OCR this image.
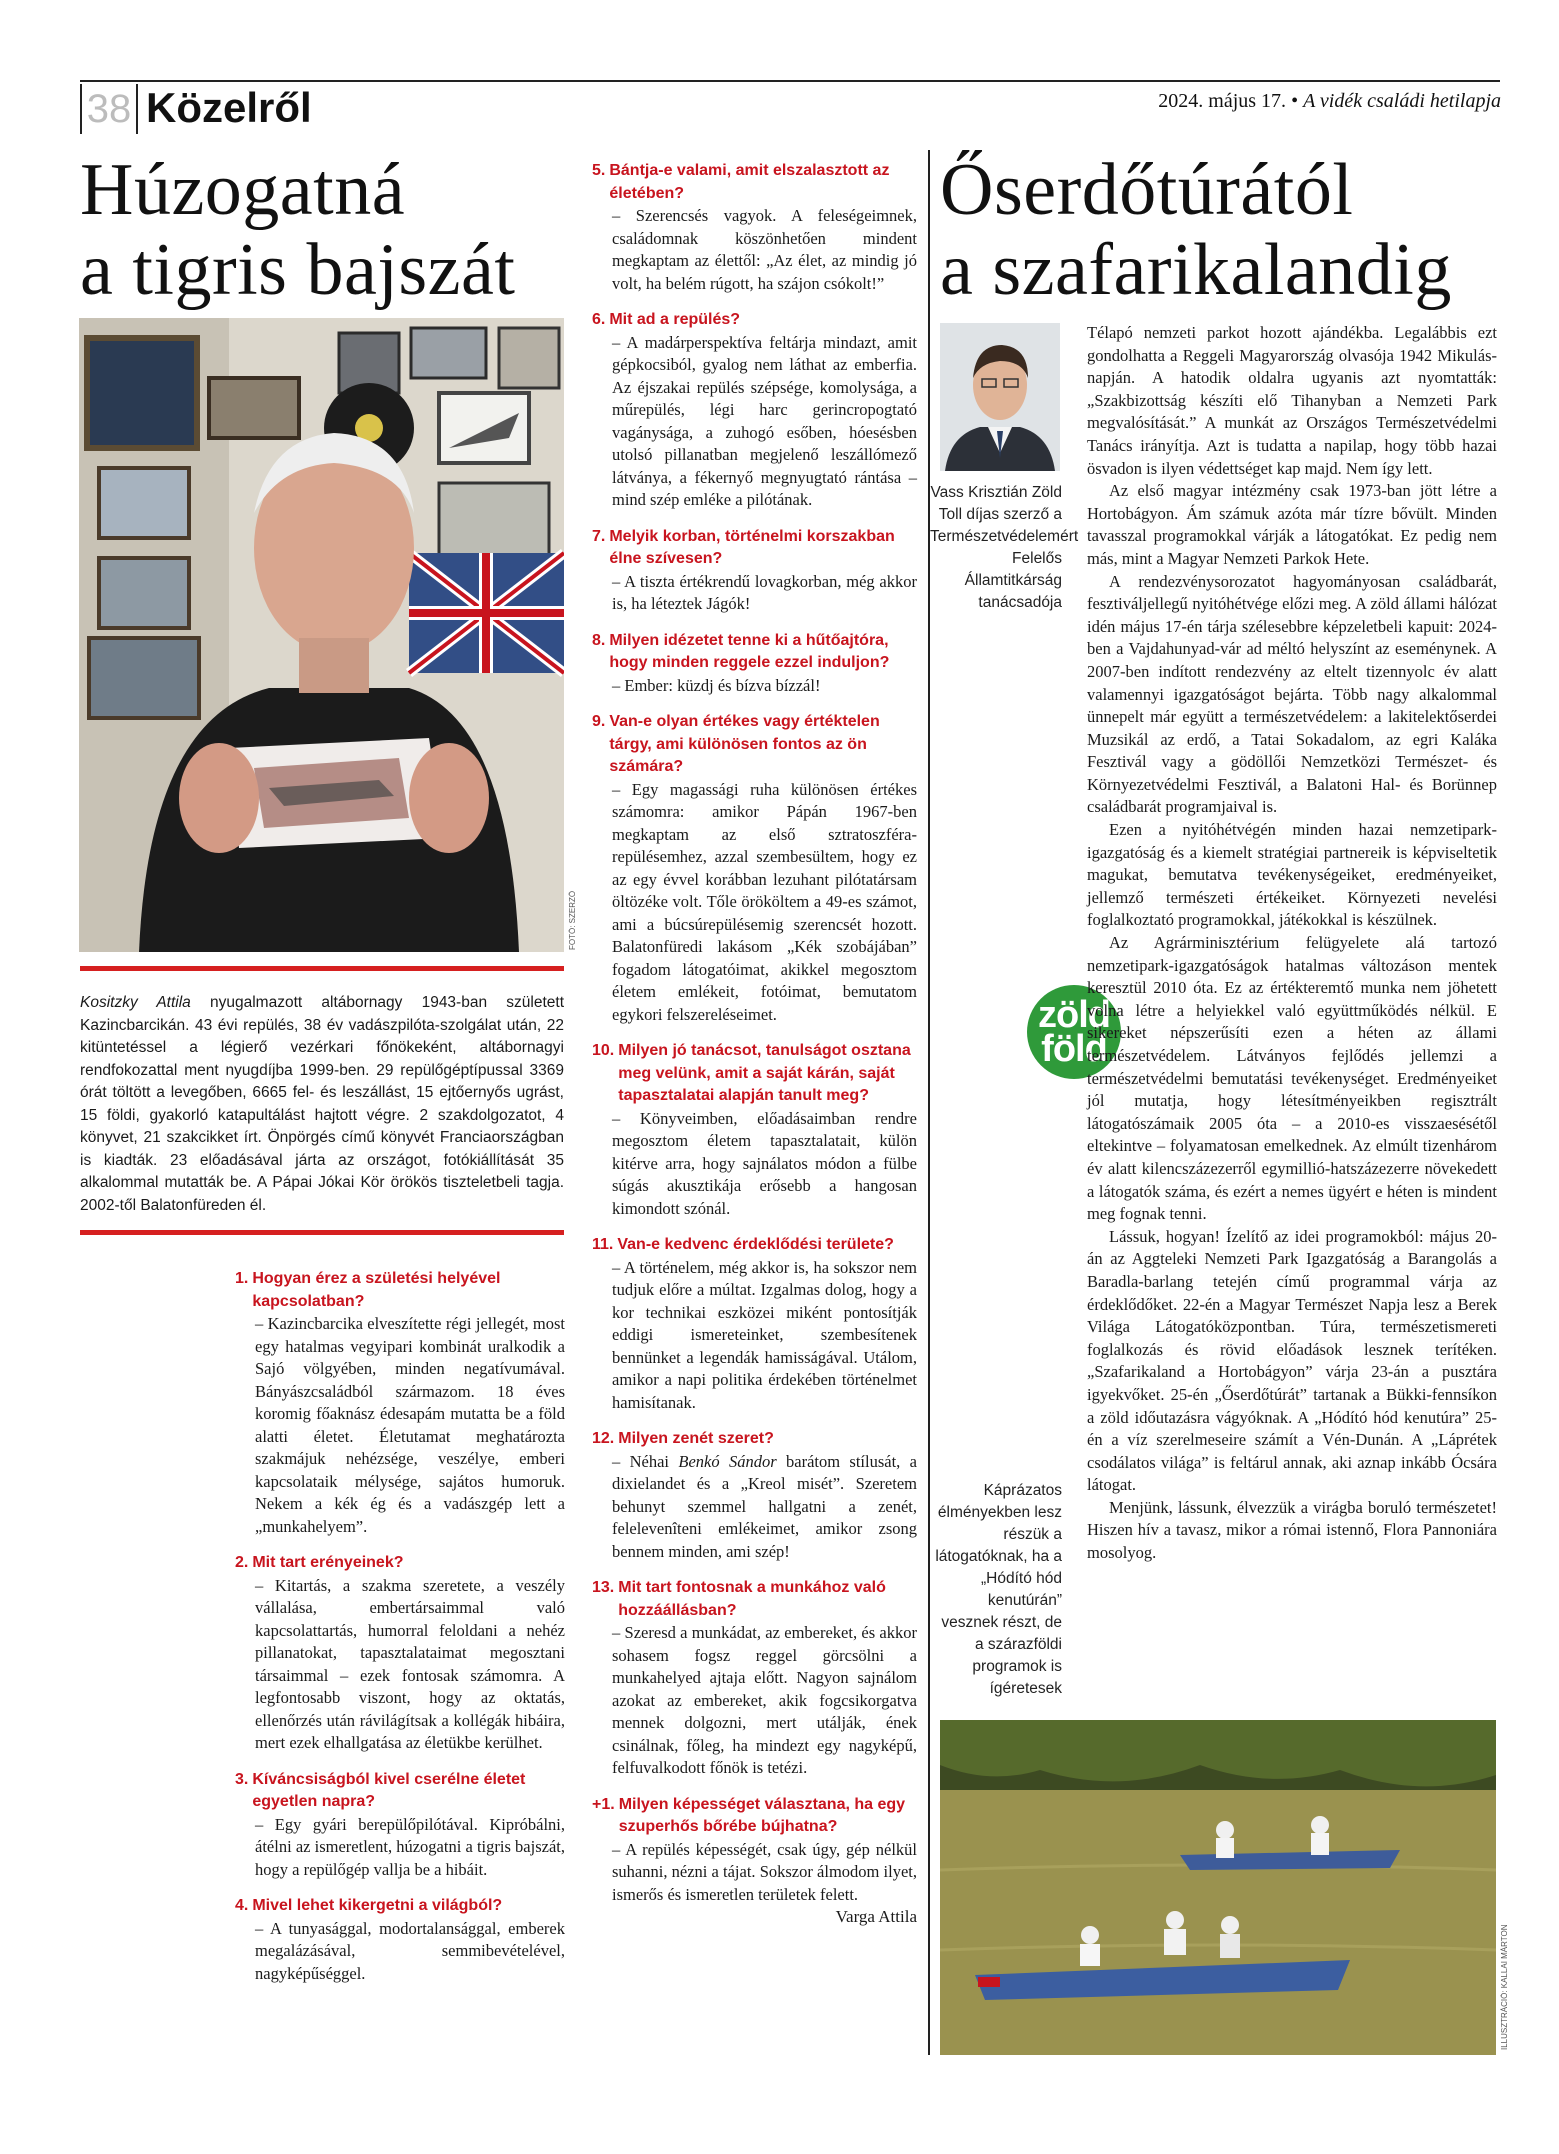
38 Közelről	2024. május 17. • A vidék családi hetilapja
Húzogatná
a tigris bajszát
FOTÓ: SZERZŐ
Kositzky Attila nyugalmazott altábornagy 1943-ban született Kazincbarcikán. 43 évi repülés, 38 év vadászpilóta-szolgálat után, 22 kitüntetéssel a légierő vezérkari főnökeként, altábornagyi rendfokozattal ment nyugdíjba 1999-ben. 29 repülőgéptípussal 3369 órát töltött a levegőben, 6665 fel- és leszállást, 15 ejtőernyős ugrást, 15 földi, gyakorló katapultálást hajtott végre. 2 szakdolgozatot, 4 könyvet, 21 szakcikket írt. Önpörgés című könyvét Franciaországban is kiadták. 23 előadásával járta az országot, fotókiállítását 35 alkalommal mutatták be. A Pápai Jókai Kör örökös tiszteletbeli tagja. 2002-től Balatonfüreden él.
1. Hogyan érez a születési helyével kapcsolatban?
– Kazincbarcika elveszítette régi jellegét, most egy hatalmas vegyipari kombinát uralkodik a Sajó völgyében, minden negatívumával. Bányászcsaládból származom. 18 éves koromig főaknász édesapám mutatta be a föld alatti életet. Életutamat meghatározta szakmájuk nehézsége, veszélye, emberi kapcsolataik mélysége, sajátos humoruk. Nekem a kék ég és a vadászgép lett a „munkahelyem”.
2. Mit tart erényeinek?
– Kitartás, a szakma szeretete, a veszély vállalása, embertársaimmal való kapcsolattartás, humorral feloldani a nehéz pillanatokat, tapasztalataimat megosztani társaimmal – ezek fontosak számomra. A legfontosabb viszont, hogy az oktatás, ellenőrzés után rávilágítsak a kollégák hibáira, mert ezek elhallgatása az életükbe kerülhet.
3. Kíváncsiságból kivel cserélne életet egyetlen napra?
– Egy gyári berepülőpilótával. Kipróbálni, átélni az ismeretlent, húzogatni a tigris bajszát, hogy a repülőgép vallja be a hibáit.
4. Mivel lehet kikergetni a világból?
– A tunyasággal, modortalansággal, emberek megalázásával, semmibevételével, nagyképűséggel.
5. Bántja-e valami, amit elszalasztott az életében?
– Szerencsés vagyok. A feleségeimnek, családomnak köszönhetően mindent megkaptam az élettől: „Az élet, az mindig jó volt, ha belém rúgott, ha szájon csókolt!”
6. Mit ad a repülés?
– A madárperspektíva feltárja mindazt, amit gépkocsiból, gyalog nem láthat az emberfia. Az éjszakai repülés szépsége, komolysága, a műrepülés, légi harc gerincropogtató vagánysága, a zuhogó esőben, hóesésben utolsó pillanatban megjelenő leszállómező látványa, a fékernyő megnyugtató rántása – mind szép emléke a pilótának.
7. Melyik korban, történelmi korszakban élne szívesen?
– A tiszta értékrendű lovagkorban, még akkor is, ha léteztek Jágók!
8. Milyen idézetet tenne ki a hűtőajtóra, hogy minden reggele ezzel induljon?
– Ember: küzdj és bízva bízzál!
9. Van-e olyan értékes vagy értéktelen tárgy, ami különösen fontos az ön számára?
– Egy magassági ruha különösen értékes számomra: amikor Pápán 1967-ben megkaptam az első sztratoszféra-repülésemhez, azzal szembesültem, hogy ez az egy évvel korábban lezuhant pilótatársam öltözéke volt. Tőle örököltem a 49-es számot, ami a búcsúrepülésemig szerencsét hozott. Balatonfüredi lakásom „Kék szobájában” fogadom látogatóimat, akikkel megosztom életem emlékeit, fotóimat, bemutatom egykori felszereléseimet.
10. Milyen jó tanácsot, tanulságot osztana meg velünk, amit a saját kárán, saját tapasztalatai alapján tanult meg?
– Könyveimben, előadásaimban rendre megosztom életem tapasztalatait, külön kitérve arra, hogy sajnálatos módon a fülbe súgás akusztikája erősebb a hangosan kimondott szónál.
11. Van-e kedvenc érdeklődési területe?
– A történelem, még akkor is, ha sokszor nem tudjuk előre a múltat. Izgalmas dolog, hogy a kor technikai eszközei miként pontosítják eddigi ismereteinket, szembesítenek bennünket a legendák hamisságával. Utálom, amikor a napi politika érdekében történelmet hamisítanak.
12. Milyen zenét szeret?
– Néhai Benkó Sándor barátom stílusát, a dixielandet és a „Kreol misét”. Szeretem behunyt szemmel hallgatni a zenét, felelevenîteni emlékeimet, amikor zsong bennem minden, ami szép!
13. Mit tart fontosnak a munkához való hozzáállásban?
– Szeresd a munkádat, az embereket, és akkor sohasem fogsz reggel görcsölni a munkahelyed ajtaja előtt. Nagyon sajnálom azokat az embereket, akik fogcsikorgatva mennek dolgozni, mert utálják, ének csinálnak, főleg, ha mindezt egy nagyképű, felfuvalkodott főnök is tetézi.
+1. Milyen képességet választana, ha egy szuperhős bőrébe bújhatna?
– A repülés képességét, csak úgy, gép nélkül suhanni, nézni a tájat. Sokszor álmodom ilyet, ismerős és ismeretlen területek felett.
Varga Attila
Őserdőtúrától
a szafarikalandig
Vass Krisztián Zöld Toll díjas szerző a Természetvédelemért Felelős Államtitkárság tanácsadója
zöld
föld
Káprázatos élményekben lesz részük a látogatóknak, ha a „Hódító hód kenutúrán” vesznek részt, de a szárazföldi programok is ígéretesek

Télapó nemzeti parkot hozott ajándékba. Legalábbis ezt gondolhatta a Reggeli Magyarország olvasója 1942 Mikulás-napján. A hatodik oldalra ugyanis azt nyomtatták: „Szakbizottság készíti elő Tihanyban a Nemzeti Park megvalósítását.” A munkát az Országos Természetvédelmi Tanács irányítja. Azt is tudatta a napilap, hogy több hazai ösvadon is ilyen védettséget kap majd. Nem így lett.

Az első magyar intézmény csak 1973-ban jött létre a Hortobágyon. Ám számuk azóta már tízre bővült. Minden tavasszal programokkal várják a látogatókat. Ez pedig nem más, mint a Magyar Nemzeti Parkok Hete.

A rendezvénysorozatot hagyományosan családbarát, fesztiváljellegű nyitóhétvége előzi meg. A zöld állami hálózat idén május 17-én tárja szélesebbre képzeletbeli kapuit: 2024-ben a Vajdahunyad-vár ad méltó helyszínt az eseménynek. A 2007-ben indított rendezvény az eltelt tizennyolc év alatt valamennyi igazgatóságot bejárta. Több nagy alkalommal ünnepelt már együtt a természetvédelem: a lakitelektőserdei Muzsikál az erdő, a Tatai Sokadalom, az egri Kaláka Fesztivál vagy a gödöllői Nemzetközi Természet- és Környezetvédelmi Fesztivál, a Balatoni Hal- és Borünnep családbarát programjaival is.

Ezen a nyitóhétvégén minden hazai nemzetipark-igazgatóság és a kiemelt stratégiai partnereik is képviseltetik magukat, bemutatva tevékenységeiket, eredményeiket, jellemző természeti értékeiket. Környezeti nevelési foglalkoztató programokkal, játékokkal is készülnek.

Az Agrárminisztérium felügyelete alá tartozó nemzetipark-igazgatóságok hatalmas változáson mentek keresztül 2010 óta. Ez az értékteremtő munka nem jöhetett volna létre a helyiekkel való együttműködés nélkül. E sikereket népszerűsíti ezen a héten az állami természetvédelem. Látványos fejlődés jellemzi a természetvédelmi bemutatási tevékenységet. Eredményeiket jól mutatja, hogy létesítményeikben regisztrált látogatószámaik 2005 óta – a 2010-es visszaesésétől eltekintve – folyamatosan emelkednek. Az elmúlt tizenhárom év alatt kilencszázezerről egymillió-hatszázezerre növekedett a látogatók száma, és ezért a nemes ügyért e héten is mindent meg fognak tenni.

Lássuk, hogyan! Ízelítő az idei programokból: május 20-án az Aggteleki Nemzeti Park Igazgatóság a Barangolás a Baradla-barlang tetején című programmal várja az érdeklődőket. 22-én a Magyar Természet Napja lesz a Berek Világa Látogatóközpontban. Túra, természetismereti foglalkozás és rövid előadások lesznek terítéken. „Szafarikaland a Hortobágyon” várja 23-án a pusztára igyekvőket. 25-én „Őserdőtúrát” tartanak a Bükki-fennsíkon a zöld időutazásra vágyóknak. A „Hódító hód kenutúra” 25-én a víz szerelmeseire számít a Vén-Dunán. A „Láprétek csodálatos világa” is feltárul annak, aki aznap inkább Ócsára látogat.

Menjünk, lássunk, élvezzük a virágba boruló természetet! Hiszen hív a tavasz, mikor a római istennő, Flora Pannoniára mosolyog.

ILLUSZTRÁCIÓ: KALLAI MÁRTON
